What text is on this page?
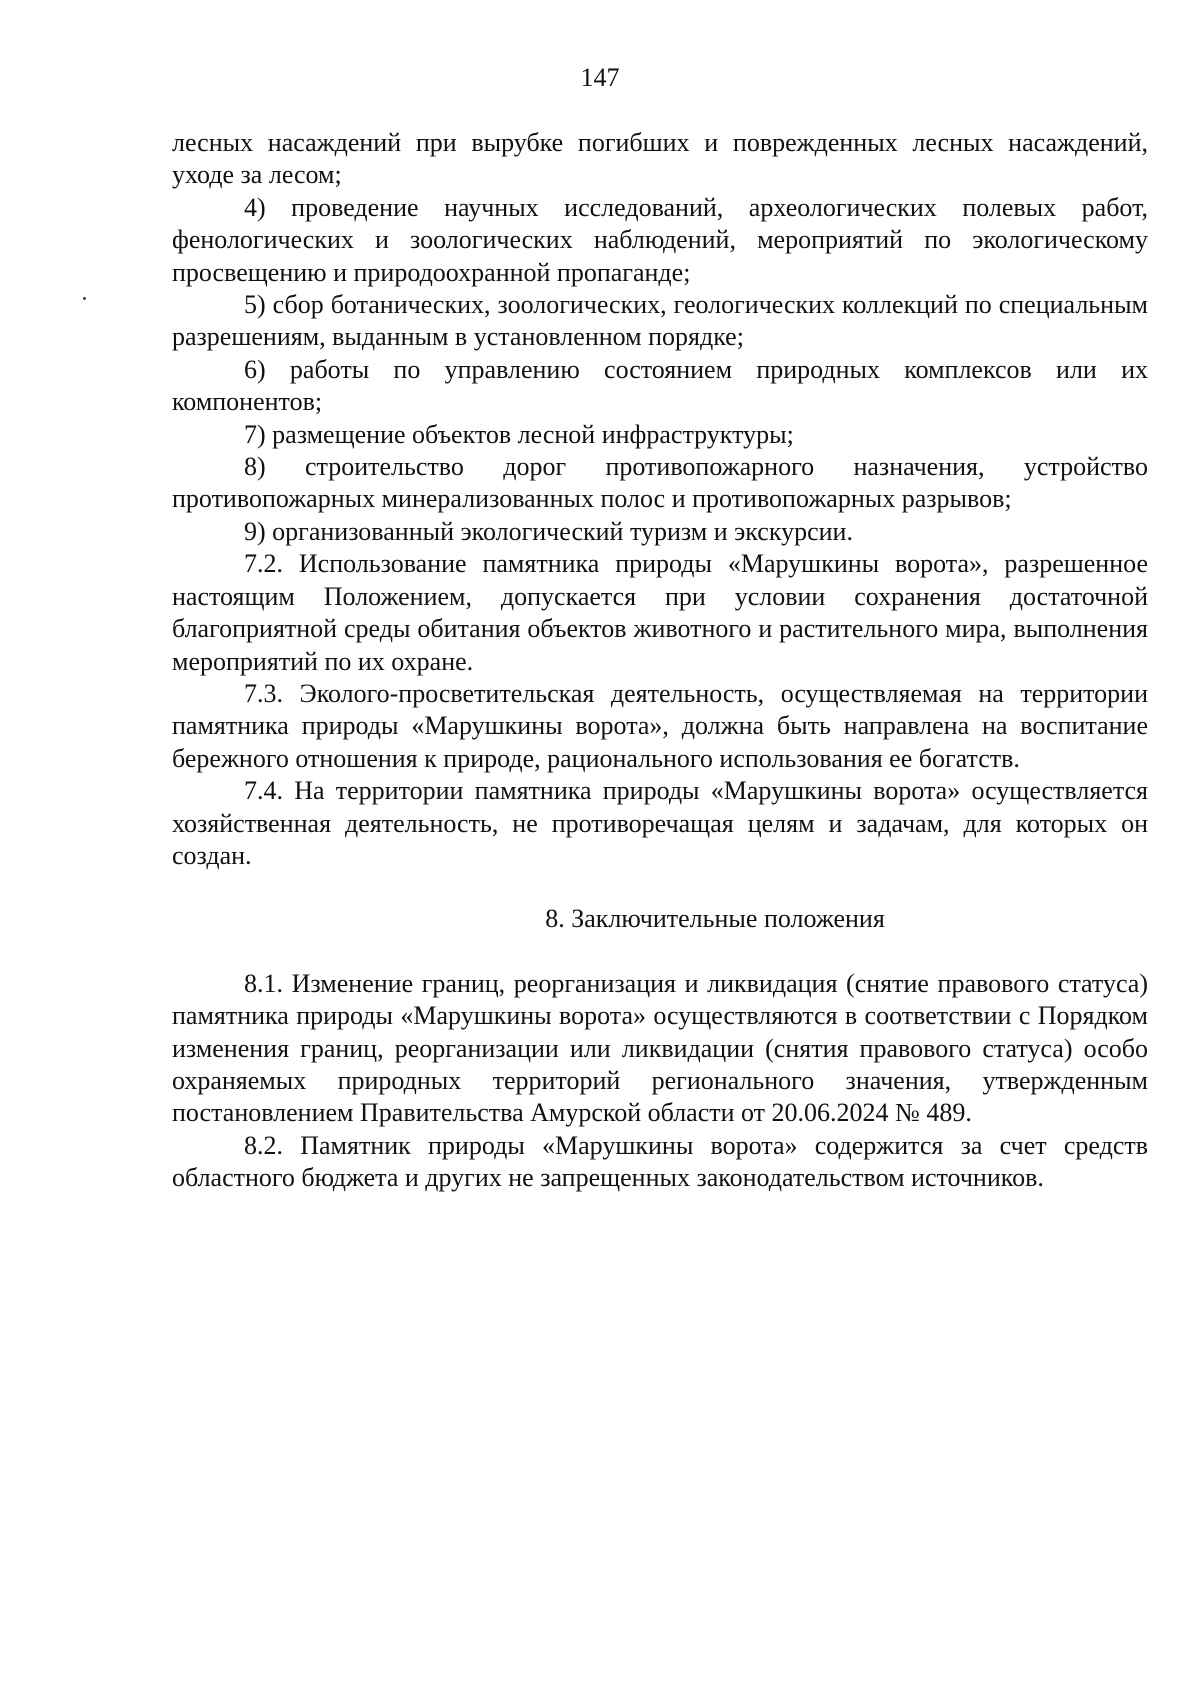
147

лесных насаждений при вырубке погибших и поврежденных лесных насаждений, уходе за лесом;

4) проведение научных исследований, археологических полевых работ, фенологических и зоологических наблюдений, мероприятий по экологическому просвещению и природоохранной пропаганде;

5) сбор ботанических, зоологических, геологических коллекций по специальным разрешениям, выданным в установленном порядке;

6) работы по управлению состоянием природных комплексов или их компонентов;

7) размещение объектов лесной инфраструктуры;

8) строительство дорог противопожарного назначения, устройство противопожарных минерализованных полос и противопожарных разрывов;

9) организованный экологический туризм и экскурсии.

7.2. Использование памятника природы «Марушкины ворота», разрешенное настоящим Положением, допускается при условии сохранения достаточной благоприятной среды обитания объектов животного и растительного мира, выполнения мероприятий по их охране.

7.3. Эколого-просветительская деятельность, осуществляемая на территории памятника природы «Марушкины ворота», должна быть направлена на воспитание бережного отношения к природе, рационального использования ее богатств.

7.4. На территории памятника природы «Марушкины ворота» осуществляется хозяйственная деятельность, не противоречащая целям и задачам, для которых он создан.

8. Заключительные положения

8.1. Изменение границ, реорганизация и ликвидация (снятие правового статуса) памятника природы «Марушкины ворота» осуществляются в соответствии с Порядком изменения границ, реорганизации или ликвидации (снятия правового статуса) особо охраняемых природных территорий регионального значения, утвержденным постановлением Правительства Амурской области от 20.06.2024 № 489.

8.2. Памятник природы «Марушкины ворота» содержится за счет средств областного бюджета и других не запрещенных законодательством источников.
